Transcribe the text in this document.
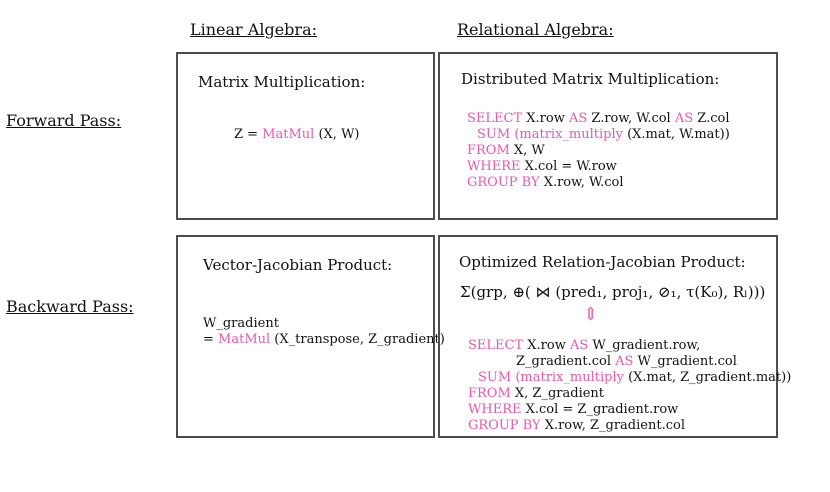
Linear Algebra:	Relational Algebra:
Forward Pass:
Backward Pass:
Matrix Multiplication:
Z = MatMul (X, W)
Distributed Matrix Multiplication:
SELECT X.row AS Z.row, W.col AS Z.col
SUM (matrix_multiply (X.mat, W.mat))
FROM X, W
WHERE X.col = W.row
GROUP BY X.row, W.col
Vector-Jacobian Product:
W_gradient
= MatMul (X_transpose, Z_gradient)
Optimized Relation-Jacobian Product:
Σ(grp, ⊕( ⋈ (pred₁, proj₁, ⊘₁, τ(K₀), Rₗ)))
⇕
SELECT X.row AS W_gradient.row,
Z_gradient.col AS W_gradient.col
SUM (matrix_multiply (X.mat, Z_gradient.mat))
FROM X, Z_gradient
WHERE X.col = Z_gradient.row
GROUP BY X.row, Z_gradient.col
